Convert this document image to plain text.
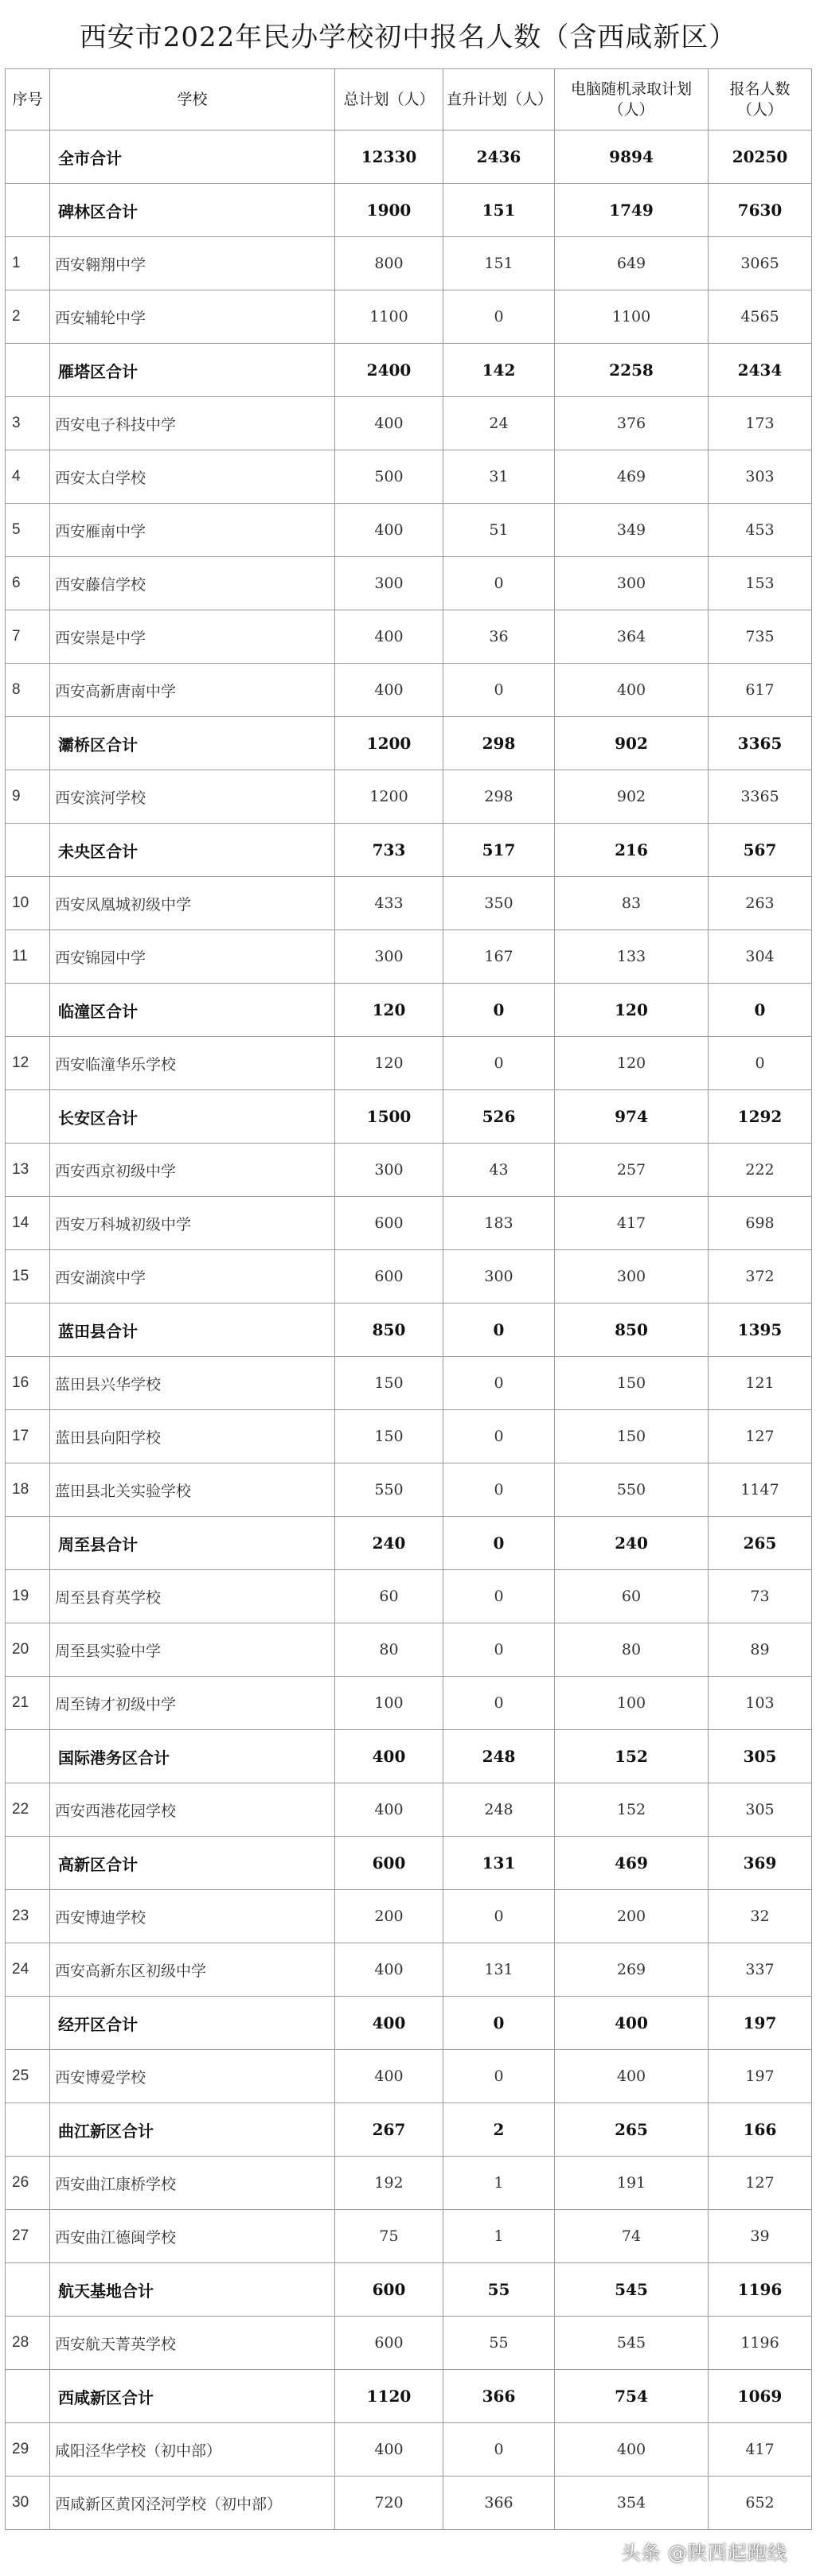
西安市2022年民办学校初中报名人数（含西咸新区）
序号	学校	总计划（人）	直升计划（人）	电脑随机录取计划（人）	报名人数（人）
	全市合计	12330	2436	9894	20250
	碑林区合计	1900	151	1749	7630
1	西安翱翔中学	800	151	649	3065
2	西安辅轮中学	1100	0	1100	4565
	雁塔区合计	2400	142	2258	2434
3	西安电子科技中学	400	24	376	173
4	西安太白学校	500	31	469	303
5	西安雁南中学	400	51	349	453
6	西安藤信学校	300	0	300	153
7	西安崇是中学	400	36	364	735
8	西安高新唐南中学	400	0	400	617
	灞桥区合计	1200	298	902	3365
9	西安滨河学校	1200	298	902	3365
	未央区合计	733	517	216	567
10	西安凤凰城初级中学	433	350	83	263
11	西安锦园中学	300	167	133	304
	临潼区合计	120	0	120	0
12	西安临潼华乐学校	120	0	120	0
	长安区合计	1500	526	974	1292
13	西安西京初级中学	300	43	257	222
14	西安万科城初级中学	600	183	417	698
15	西安湖滨中学	600	300	300	372
	蓝田县合计	850	0	850	1395
16	蓝田县兴华学校	150	0	150	121
17	蓝田县向阳学校	150	0	150	127
18	蓝田县北关实验学校	550	0	550	1147
	周至县合计	240	0	240	265
19	周至县育英学校	60	0	60	73
20	周至县实验中学	80	0	80	89
21	周至铸才初级中学	100	0	100	103
	国际港务区合计	400	248	152	305
22	西安西港花园学校	400	248	152	305
	高新区合计	600	131	469	369
23	西安博迪学校	200	0	200	32
24	西安高新东区初级中学	400	131	269	337
	经开区合计	400	0	400	197
25	西安博爱学校	400	0	400	197
	曲江新区合计	267	2	265	166
26	西安曲江康桥学校	192	1	191	127
27	西安曲江德闽学校	75	1	74	39
	航天基地合计	600	55	545	1196
28	西安航天菁英学校	600	55	545	1196
	西咸新区合计	1120	366	754	1069
29	咸阳泾华学校（初中部）	400	0	400	417
30	西咸新区黄冈泾河学校（初中部）	720	366	354	652
头条 @陕西起跑线
